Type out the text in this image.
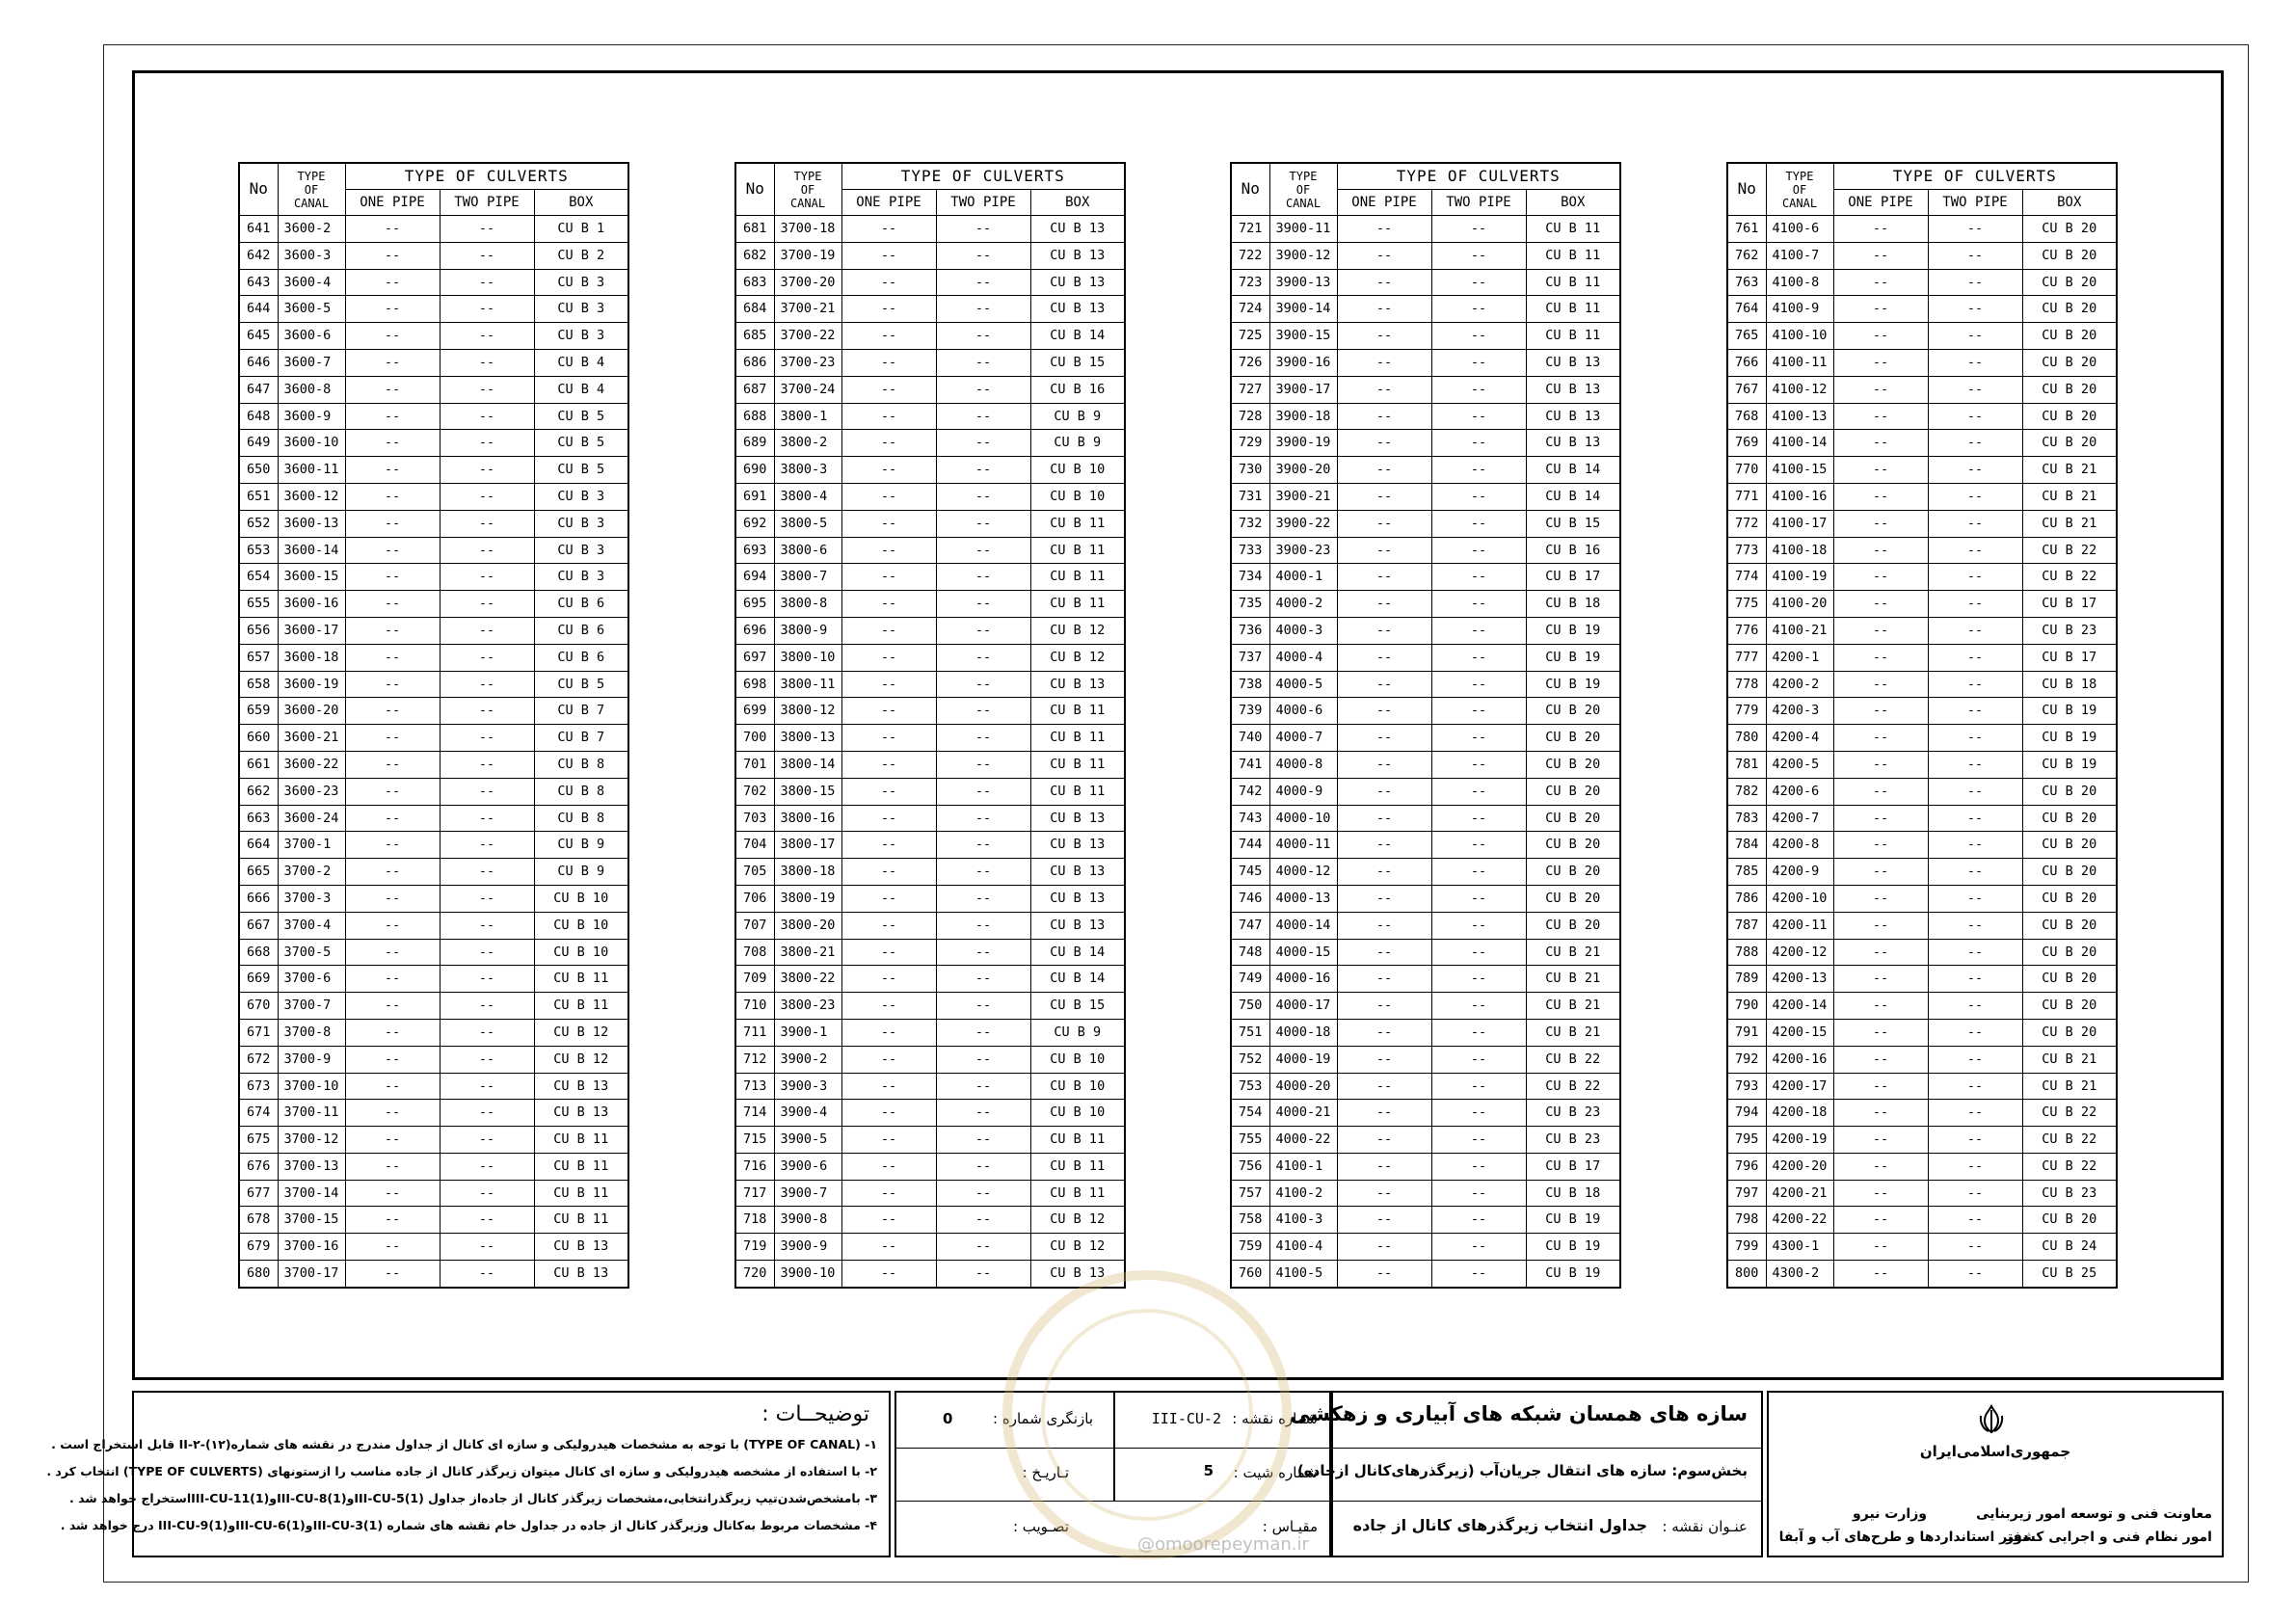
No	TYPE
OF
CANAL	TYPE OF CULVERTS		
		ONE PIPE	TWO PIPE	BOX
641	3600-2	--	--	CU B 1
642	3600-3	--	--	CU B 2
643	3600-4	--	--	CU B 3
644	3600-5	--	--	CU B 3
645	3600-6	--	--	CU B 3
646	3600-7	--	--	CU B 4
647	3600-8	--	--	CU B 4
648	3600-9	--	--	CU B 5
649	3600-10	--	--	CU B 5
650	3600-11	--	--	CU B 5
651	3600-12	--	--	CU B 3
652	3600-13	--	--	CU B 3
653	3600-14	--	--	CU B 3
654	3600-15	--	--	CU B 3
655	3600-16	--	--	CU B 6
656	3600-17	--	--	CU B 6
657	3600-18	--	--	CU B 6
658	3600-19	--	--	CU B 5
659	3600-20	--	--	CU B 7
660	3600-21	--	--	CU B 7
661	3600-22	--	--	CU B 8
662	3600-23	--	--	CU B 8
663	3600-24	--	--	CU B 8
664	3700-1	--	--	CU B 9
665	3700-2	--	--	CU B 9
666	3700-3	--	--	CU B 10
667	3700-4	--	--	CU B 10
668	3700-5	--	--	CU B 10
669	3700-6	--	--	CU B 11
670	3700-7	--	--	CU B 11
671	3700-8	--	--	CU B 12
672	3700-9	--	--	CU B 12
673	3700-10	--	--	CU B 13
674	3700-11	--	--	CU B 13
675	3700-12	--	--	CU B 11
676	3700-13	--	--	CU B 11
677	3700-14	--	--	CU B 11
678	3700-15	--	--	CU B 11
679	3700-16	--	--	CU B 13
680	3700-17	--	--	CU B 13
No	TYPE
OF
CANAL	TYPE OF CULVERTS		
		ONE PIPE	TWO PIPE	BOX
681	3700-18	--	--	CU B 13
682	3700-19	--	--	CU B 13
683	3700-20	--	--	CU B 13
684	3700-21	--	--	CU B 13
685	3700-22	--	--	CU B 14
686	3700-23	--	--	CU B 15
687	3700-24	--	--	CU B 16
688	3800-1	--	--	CU B 9
689	3800-2	--	--	CU B 9
690	3800-3	--	--	CU B 10
691	3800-4	--	--	CU B 10
692	3800-5	--	--	CU B 11
693	3800-6	--	--	CU B 11
694	3800-7	--	--	CU B 11
695	3800-8	--	--	CU B 11
696	3800-9	--	--	CU B 12
697	3800-10	--	--	CU B 12
698	3800-11	--	--	CU B 13
699	3800-12	--	--	CU B 11
700	3800-13	--	--	CU B 11
701	3800-14	--	--	CU B 11
702	3800-15	--	--	CU B 11
703	3800-16	--	--	CU B 13
704	3800-17	--	--	CU B 13
705	3800-18	--	--	CU B 13
706	3800-19	--	--	CU B 13
707	3800-20	--	--	CU B 13
708	3800-21	--	--	CU B 14
709	3800-22	--	--	CU B 14
710	3800-23	--	--	CU B 15
711	3900-1	--	--	CU B 9
712	3900-2	--	--	CU B 10
713	3900-3	--	--	CU B 10
714	3900-4	--	--	CU B 10
715	3900-5	--	--	CU B 11
716	3900-6	--	--	CU B 11
717	3900-7	--	--	CU B 11
718	3900-8	--	--	CU B 12
719	3900-9	--	--	CU B 12
720	3900-10	--	--	CU B 13
No	TYPE
OF
CANAL	TYPE OF CULVERTS		
		ONE PIPE	TWO PIPE	BOX
721	3900-11	--	--	CU B 11
722	3900-12	--	--	CU B 11
723	3900-13	--	--	CU B 11
724	3900-14	--	--	CU B 11
725	3900-15	--	--	CU B 11
726	3900-16	--	--	CU B 13
727	3900-17	--	--	CU B 13
728	3900-18	--	--	CU B 13
729	3900-19	--	--	CU B 13
730	3900-20	--	--	CU B 14
731	3900-21	--	--	CU B 14
732	3900-22	--	--	CU B 15
733	3900-23	--	--	CU B 16
734	4000-1	--	--	CU B 17
735	4000-2	--	--	CU B 18
736	4000-3	--	--	CU B 19
737	4000-4	--	--	CU B 19
738	4000-5	--	--	CU B 19
739	4000-6	--	--	CU B 20
740	4000-7	--	--	CU B 20
741	4000-8	--	--	CU B 20
742	4000-9	--	--	CU B 20
743	4000-10	--	--	CU B 20
744	4000-11	--	--	CU B 20
745	4000-12	--	--	CU B 20
746	4000-13	--	--	CU B 20
747	4000-14	--	--	CU B 20
748	4000-15	--	--	CU B 21
749	4000-16	--	--	CU B 21
750	4000-17	--	--	CU B 21
751	4000-18	--	--	CU B 21
752	4000-19	--	--	CU B 22
753	4000-20	--	--	CU B 22
754	4000-21	--	--	CU B 23
755	4000-22	--	--	CU B 23
756	4100-1	--	--	CU B 17
757	4100-2	--	--	CU B 18
758	4100-3	--	--	CU B 19
759	4100-4	--	--	CU B 19
760	4100-5	--	--	CU B 19
No	TYPE
OF
CANAL	TYPE OF CULVERTS		
		ONE PIPE	TWO PIPE	BOX
761	4100-6	--	--	CU B 20
762	4100-7	--	--	CU B 20
763	4100-8	--	--	CU B 20
764	4100-9	--	--	CU B 20
765	4100-10	--	--	CU B 20
766	4100-11	--	--	CU B 20
767	4100-12	--	--	CU B 20
768	4100-13	--	--	CU B 20
769	4100-14	--	--	CU B 20
770	4100-15	--	--	CU B 21
771	4100-16	--	--	CU B 21
772	4100-17	--	--	CU B 21
773	4100-18	--	--	CU B 22
774	4100-19	--	--	CU B 22
775	4100-20	--	--	CU B 17
776	4100-21	--	--	CU B 23
777	4200-1	--	--	CU B 17
778	4200-2	--	--	CU B 18
779	4200-3	--	--	CU B 19
780	4200-4	--	--	CU B 19
781	4200-5	--	--	CU B 19
782	4200-6	--	--	CU B 20
783	4200-7	--	--	CU B 20
784	4200-8	--	--	CU B 20
785	4200-9	--	--	CU B 20
786	4200-10	--	--	CU B 20
787	4200-11	--	--	CU B 20
788	4200-12	--	--	CU B 20
789	4200-13	--	--	CU B 20
790	4200-14	--	--	CU B 20
791	4200-15	--	--	CU B 20
792	4200-16	--	--	CU B 21
793	4200-17	--	--	CU B 21
794	4200-18	--	--	CU B 22
795	4200-19	--	--	CU B 22
796	4200-20	--	--	CU B 22
797	4200-21	--	--	CU B 23
798	4200-22	--	--	CU B 20
799	4300-1	--	--	CU B 24
800	4300-2	--	--	CU B 25
توضیحــات :
۱- (TYPE OF CANAL) با توجه به مشخصات هیدرولیکی و سازه ای کانال از جداول مندرج در نقشه های شماره(۱۲)-۲-II قابل استخراج است .
۲- با استفاده از مشخصه هیدرولیکی و سازه ای کانال میتوان زیرگذر کانال از جاده مناسب را ازستونهای (TYPE OF CULVERTS) انتخاب کرد .
۳- بامشخص‌شدن‌تیپ زیرگذرانتخابی،مشخصات زیرگذر کانال از جاده‌از جداول III-CU-5(1)وIII-CU-8(1)وIII-CU-11(1)استخراج خواهد شد .
۴- مشخصات مربوط به‌کانال وزیرگذر کانال از جاده در جداول خام نقشه های شماره III-CU-3(1)وIII-CU-6(1)وIII-CU-9(1) درج خواهد شد .
شماره نقشه :
III-CU-2
بازنگری شماره :
0
شماره شیت :
5
تـاریـخ :
مقیـاس :
تصـویب :
سازه های همسان شبکه های آبیاری و زهکشی
بخش‌سوم: سازه های انتقال جریان‌آب (زیرگذرهای‌کانال ازجاده)
عنـوان نقشه :
جداول انتخاب زیرگذرهای کانال از جاده
جمهوری‌اسلامی‌ایران
معاونت فنی و توسعه امور زیربنایی
وزارت نیرو
امور نظام فنی و اجرایی کشور
دفتر استانداردها و طرح‌های آب و آبفا
@omoorepeyman.ir
